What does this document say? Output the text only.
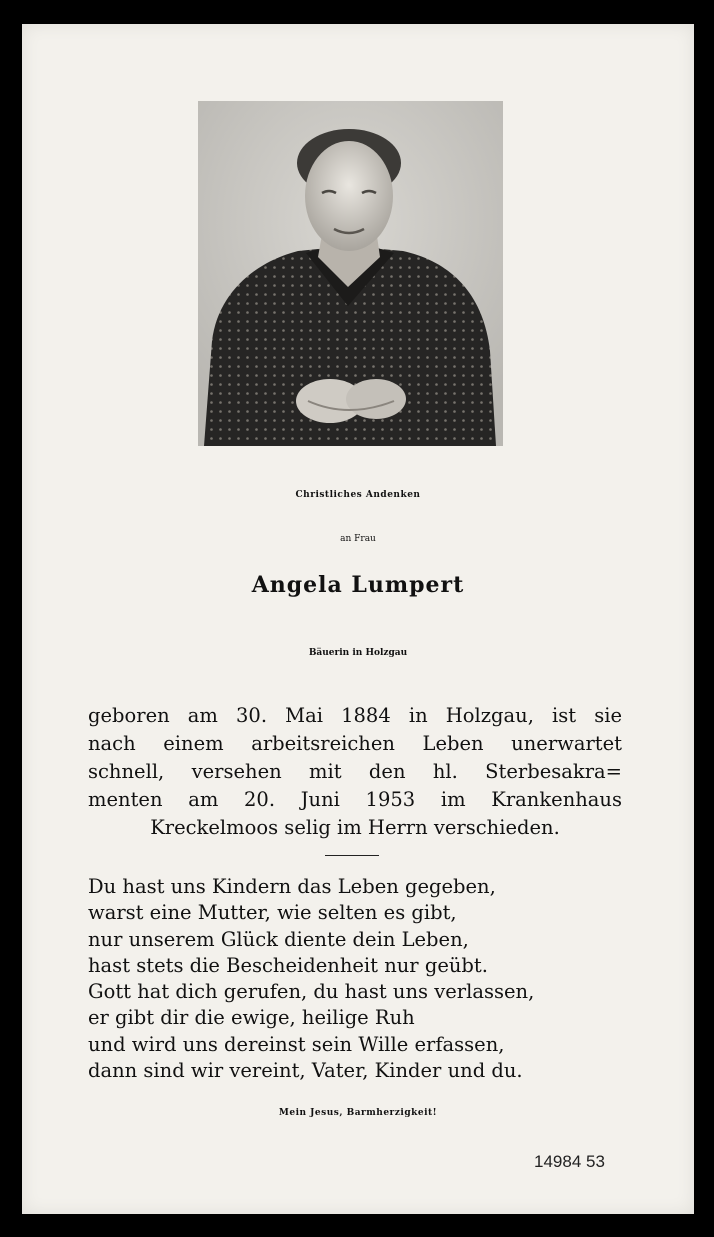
Christliches Andenken
an Frau
Angela Lumpert
Bäuerin in Holzgau
geboren am 30. Mai 1884 in Holzgau, ist sie
nach einem arbeitsreichen Leben unerwartet
schnell, versehen mit den hl. Sterbesakra=
menten am 20. Juni 1953 im Krankenhaus
Kreckelmoos selig im Herrn verschieden.
Du hast uns Kindern das Leben gegeben,
warst eine Mutter, wie selten es gibt,
nur unserem Glück diente dein Leben,
hast stets die Bescheidenheit nur geübt.
Gott hat dich gerufen, du hast uns verlassen,
er gibt dir die ewige, heilige Ruh
und wird uns dereinst sein Wille erfassen,
dann sind wir vereint, Vater, Kinder und du.
Mein Jesus, Barmherzigkeit!
14984 53
